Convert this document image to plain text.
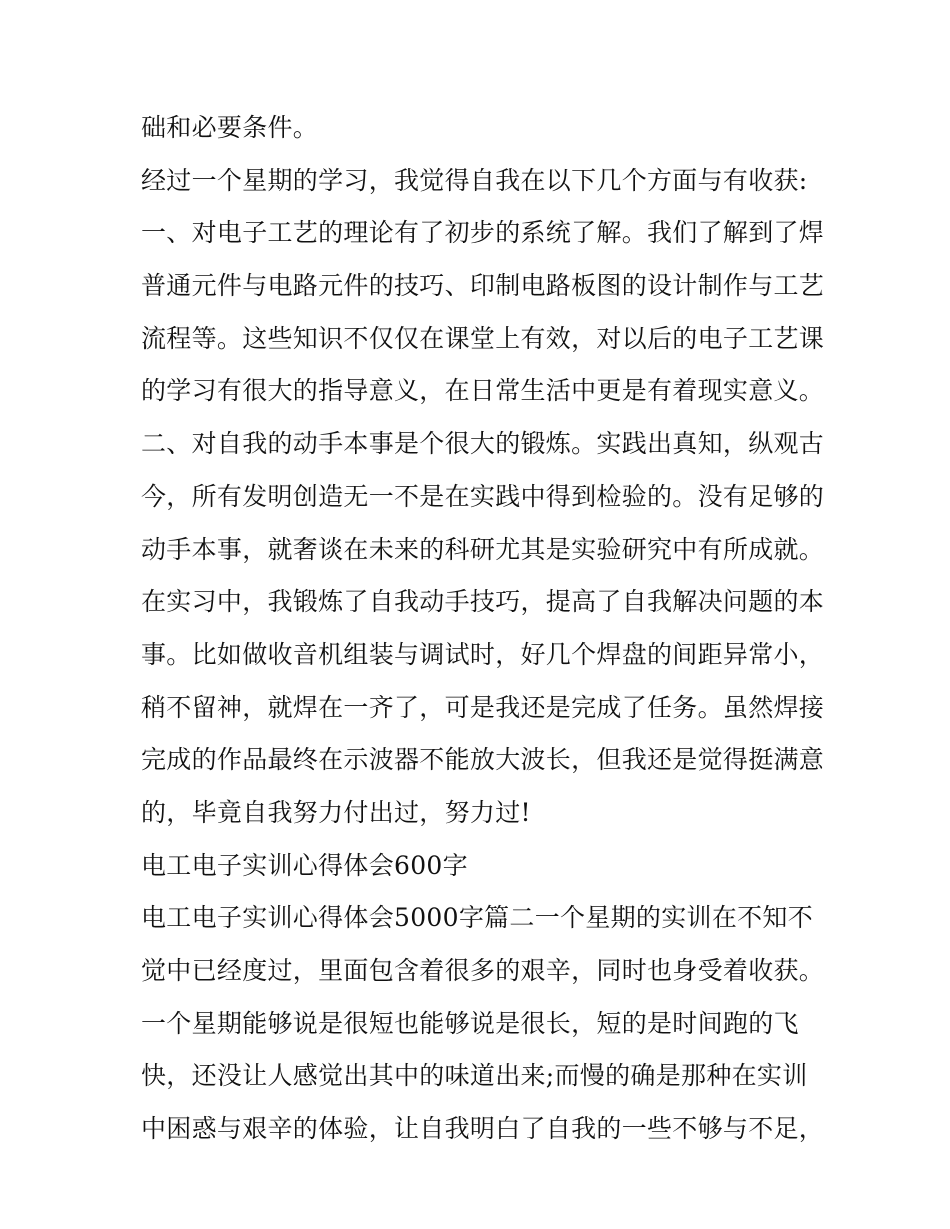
础和必要条件。
经过一个星期的学习，我觉得自我在以下几个方面与有收获:
一、对电子工艺的理论有了初步的系统了解。我们了解到了焊
普通元件与电路元件的技巧、印制电路板图的设计制作与工艺
流程等。这些知识不仅仅在课堂上有效，对以后的电子工艺课
的学习有很大的指导意义，在日常生活中更是有着现实意义。
二、对自我的动手本事是个很大的锻炼。实践出真知，纵观古
今，所有发明创造无一不是在实践中得到检验的。没有足够的
动手本事，就奢谈在未来的科研尤其是实验研究中有所成就。
在实习中，我锻炼了自我动手技巧，提高了自我解决问题的本
事。比如做收音机组装与调试时，好几个焊盘的间距异常小，
稍不留神，就焊在一齐了，可是我还是完成了任务。虽然焊接
完成的作品最终在示波器不能放大波长，但我还是觉得挺满意
的，毕竟自我努力付出过，努力过!
电工电子实训心得体会600字
电工电子实训心得体会5000字篇二一个星期的实训在不知不
觉中已经度过，里面包含着很多的艰辛，同时也身受着收获。
一个星期能够说是很短也能够说是很长，短的是时间跑的飞
快，还没让人感觉出其中的味道出来;而慢的确是那种在实训
中困惑与艰辛的体验，让自我明白了自我的一些不够与不足，
